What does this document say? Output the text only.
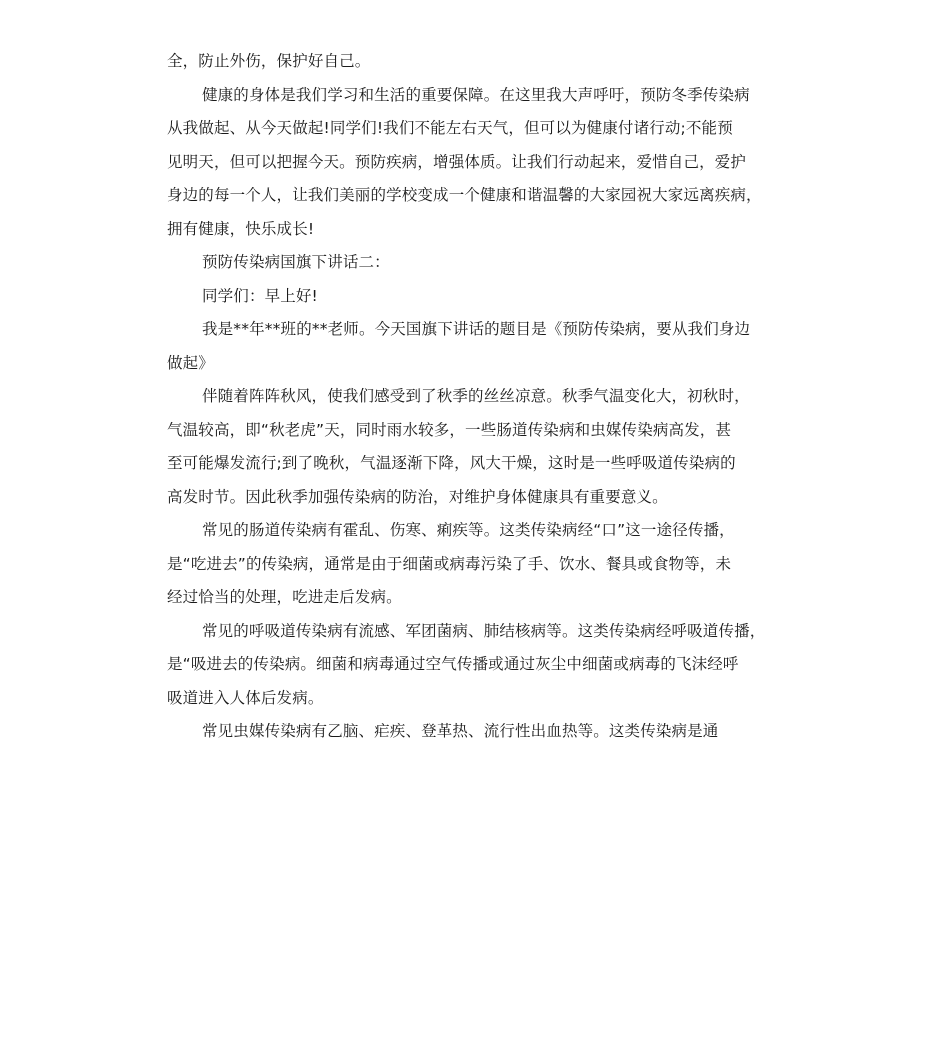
全，防止外伤，保护好自己。
健康的身体是我们学习和生活的重要保障。在这里我大声呼吁，预防冬季传染病
从我做起、从今天做起!同学们!我们不能左右天气，但可以为健康付诸行动;不能预
见明天，但可以把握今天。预防疾病，增强体质。让我们行动起来，爱惜自己，爱护
身边的每一个人，让我们美丽的学校变成一个健康和谐温馨的大家园祝大家远离疾病，
拥有健康，快乐成长!
预防传染病国旗下讲话二：
同学们：早上好!
我是**年**班的**老师。今天国旗下讲话的题目是《预防传染病，要从我们身边
做起》
伴随着阵阵秋风，使我们感受到了秋季的丝丝凉意。秋季气温变化大，初秋时，
气温较高，即“秋老虎”天，同时雨水较多，一些肠道传染病和虫媒传染病高发，甚
至可能爆发流行;到了晚秋，气温逐渐下降，风大干燥，这时是一些呼吸道传染病的
高发时节。因此秋季加强传染病的防治，对维护身体健康具有重要意义。
常见的肠道传染病有霍乱、伤寒、痢疾等。这类传染病经“口”这一途径传播，
是“吃进去”的传染病，通常是由于细菌或病毒污染了手、饮水、餐具或食物等，未
经过恰当的处理，吃进走后发病。
常见的呼吸道传染病有流感、军团菌病、肺结核病等。这类传染病经呼吸道传播，
是“吸进去的传染病。细菌和病毒通过空气传播或通过灰尘中细菌或病毒的飞沫经呼
吸道进入人体后发病。
常见虫媒传染病有乙脑、疟疾、登革热、流行性出血热等。这类传染病是通
